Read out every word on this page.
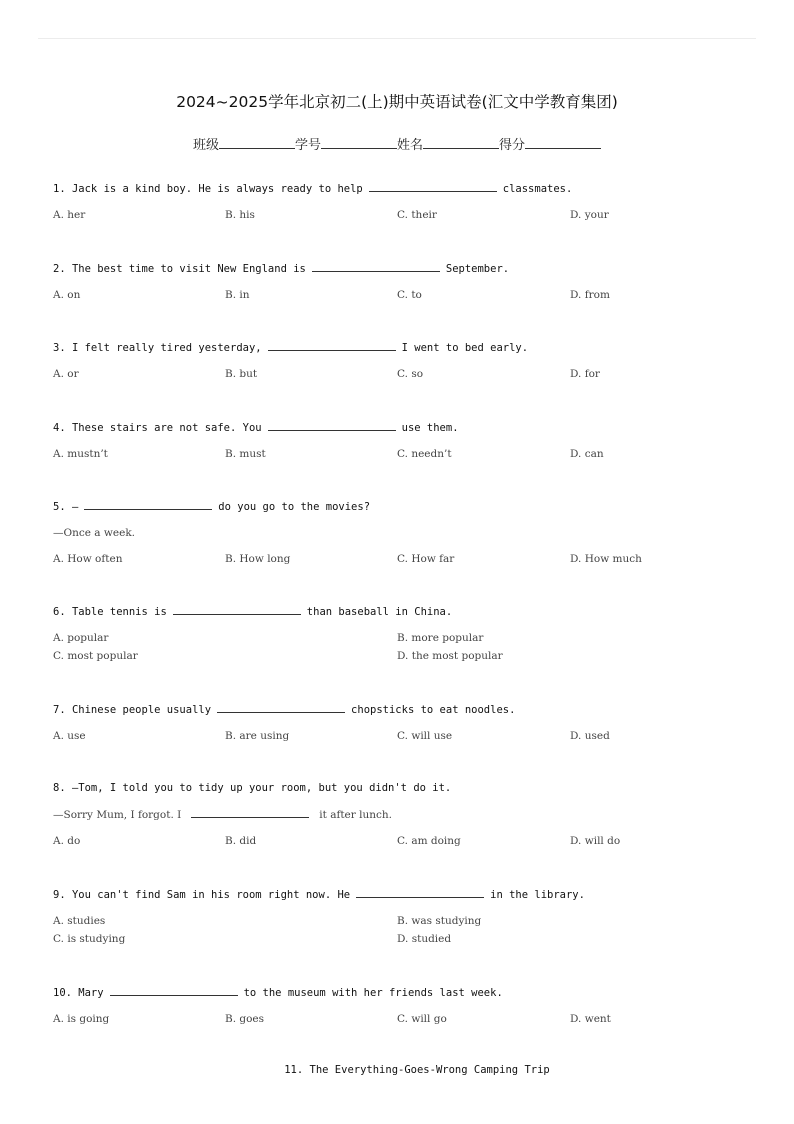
2024~2025学年北京初二(上)期中英语试卷(汇文中学教育集团)
班级	学号	姓名	得分
1. Jack is a kind boy. He is always ready to help	classmates.
A. her	B. his	C. their	D. your
2. The best time to visit New England is	September.
A. on	B. in	C. to	D. from
3. I felt really tired yesterday,	I went to bed early.
A. or	B. but	C. so	D. for
4. These stairs are not safe. You	use them.
A. mustn’t	B. must	C. needn’t	D. can
5. —	do you go to the movies?
—Once a week.
A. How often	B. How long	C. How far	D. How much
6. Table tennis is	than baseball in China.
A. popular	B. more popular
C. most popular	D. the most popular
7. Chinese people usually	chopsticks to eat noodles.
A. use	B. are using	C. will use	D. used
8. —Tom, I told you to tidy up your room, but you didn't do it.
—Sorry Mum, I forgot. I	it after lunch.
A. do	B. did	C. am doing	D. will do
9. You can't find Sam in his room right now. He	in the library.
A. studies	B. was studying
C. is studying	D. studied
10. Mary	to the museum with her friends last week.
A. is going	B. goes	C. will go	D. went
11. The Everything-Goes-Wrong Camping Trip
